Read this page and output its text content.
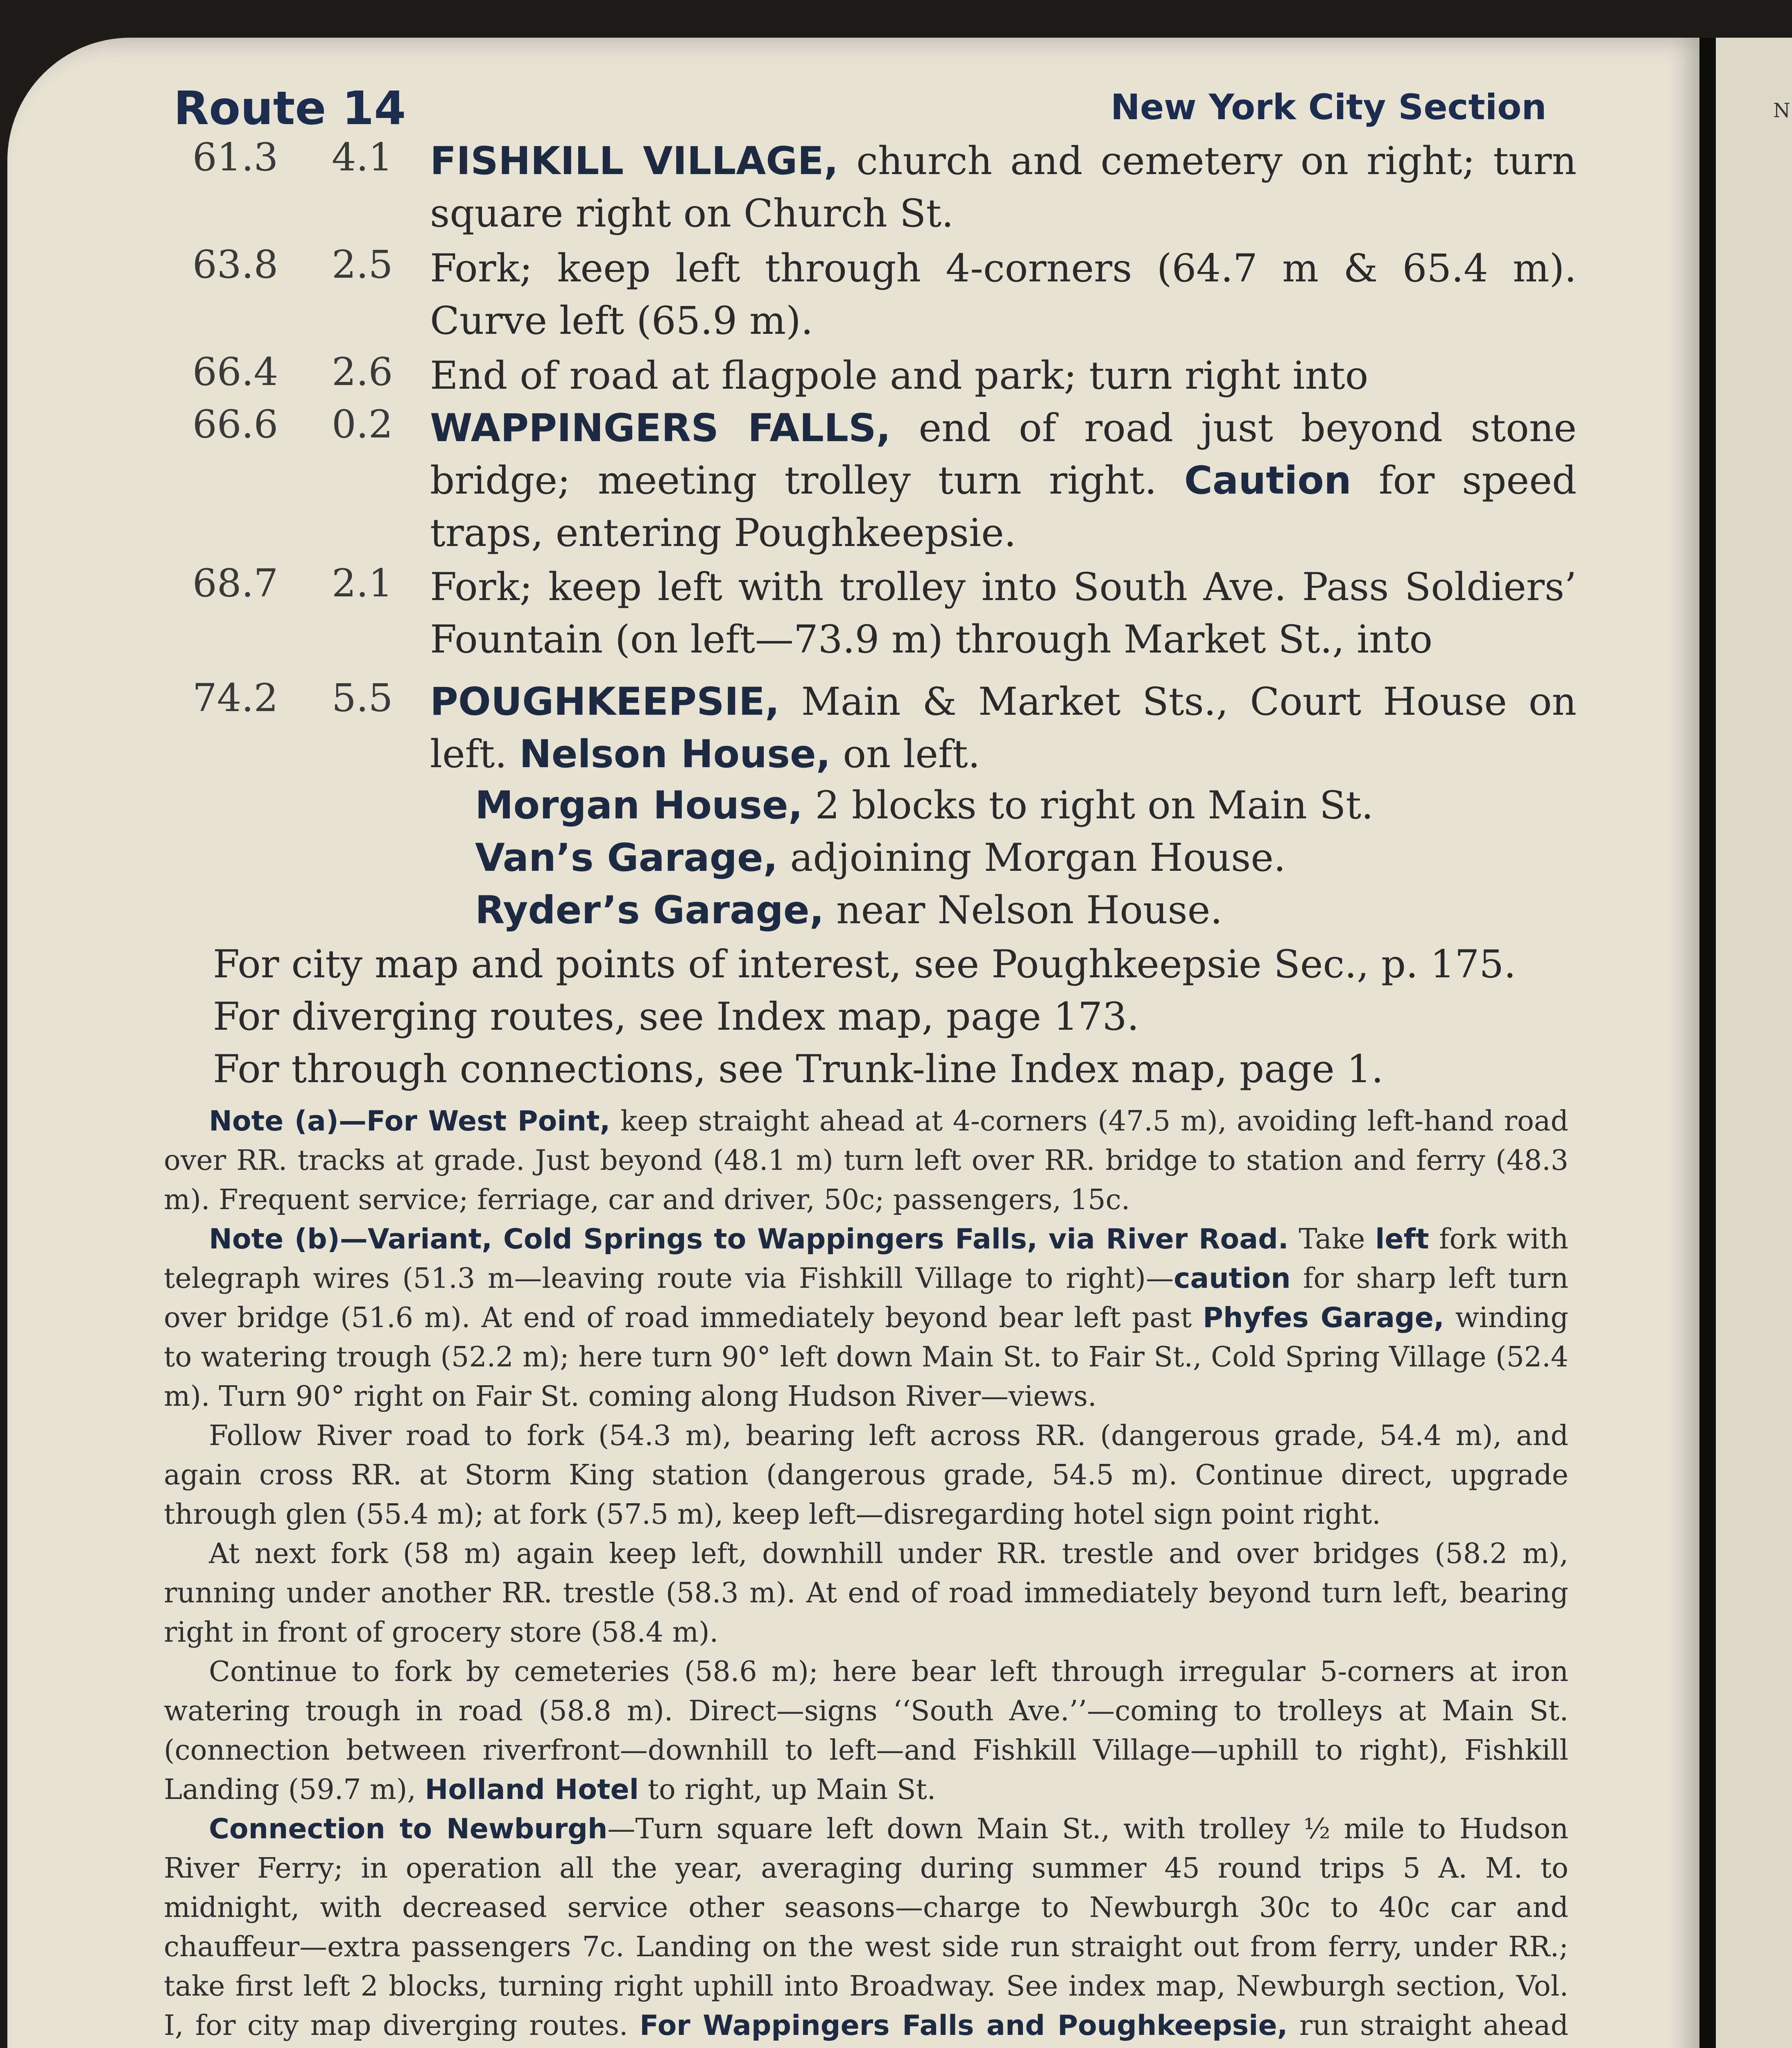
N
Route 14	New York City Section
61.3	4.1 FISHKILL VILLAGE, church and cemetery on right; turn square right on Church St.
63.8	2.5 Fork; keep left through 4-corners (64.7 m & 65.4 m). Curve left (65.9 m).
66.4	2.6 End of road at flagpole and park; turn right into
66.6	0.2 WAPPINGERS FALLS, end of road just beyond stone bridge; meeting trolley turn right. Caution for speed traps, entering Poughkeepsie.
68.7	2.1 Fork; keep left with trolley into South Ave. Pass Soldiers’ Fountain (on left—73.9 m) through Market St., into
74.2	5.5 POUGHKEEPSIE, Main & Market Sts., Court House on left. Nelson House, on left.
Morgan House, 2 blocks to right on Main St.
Van’s Garage, adjoining Morgan House.
Ryder’s Garage, near Nelson House.
For city map and points of interest, see Poughkeepsie Sec., p. 175.
For diverging routes, see Index map, page 173.
For through connections, see Trunk-line Index map, page 1.

Note (a)—For West Point, keep straight ahead at 4-corners (47.5 m), avoiding left-hand road over RR. tracks at grade. Just beyond (48.1 m) turn left over RR. bridge to station and ferry (48.3 m). Frequent service; ferriage, car and driver, 50c; passengers, 15c.

Note (b)—Variant, Cold Springs to Wappingers Falls, via River Road. Take left fork with telegraph wires (51.3 m—leaving route via Fishkill Village to right)—caution for sharp left turn over bridge (51.6 m). At end of road immediately beyond bear left past Phyfes Garage, winding to watering trough (52.2 m); here turn 90° left down Main St. to Fair St., Cold Spring Village (52.4 m). Turn 90° right on Fair St. coming along Hudson River—views.

Follow River road to fork (54.3 m), bearing left across RR. (dangerous grade, 54.4 m), and again cross RR. at Storm King station (dangerous grade, 54.5 m). Continue direct, upgrade through glen (55.4 m); at fork (57.5 m), keep left—disregarding hotel sign point right.

At next fork (58 m) again keep left, downhill under RR. trestle and over bridges (58.2 m), running under another RR. trestle (58.3 m). At end of road immediately beyond turn left, bearing right in front of grocery store (58.4 m).

Continue to fork by cemeteries (58.6 m); here bear left through irregular 5-corners at iron watering trough in road (58.8 m). Direct—signs ‘‘South Ave.’’—coming to trolleys at Main St. (connection between riverfront—downhill to left—and Fishkill Village—uphill to right), Fishkill Landing (59.7 m), Holland Hotel to right, up Main St.

Connection to Newburgh—Turn square left down Main St., with trolley ½ mile to Hudson River Ferry; in operation all the year, averaging during summer 45 round trips 5 A. M. to midnight, with decreased service other seasons—charge to Newburgh 30c to 40c car and chauffeur—extra passengers 7c. Landing on the west side run straight out from ferry, under RR.; take first left 2 blocks, turning right uphill into Broadway. See index map, Newburgh section, Vol. I, for city map diverging routes. For Wappingers Falls and Poughkeepsie, run straight ahead
